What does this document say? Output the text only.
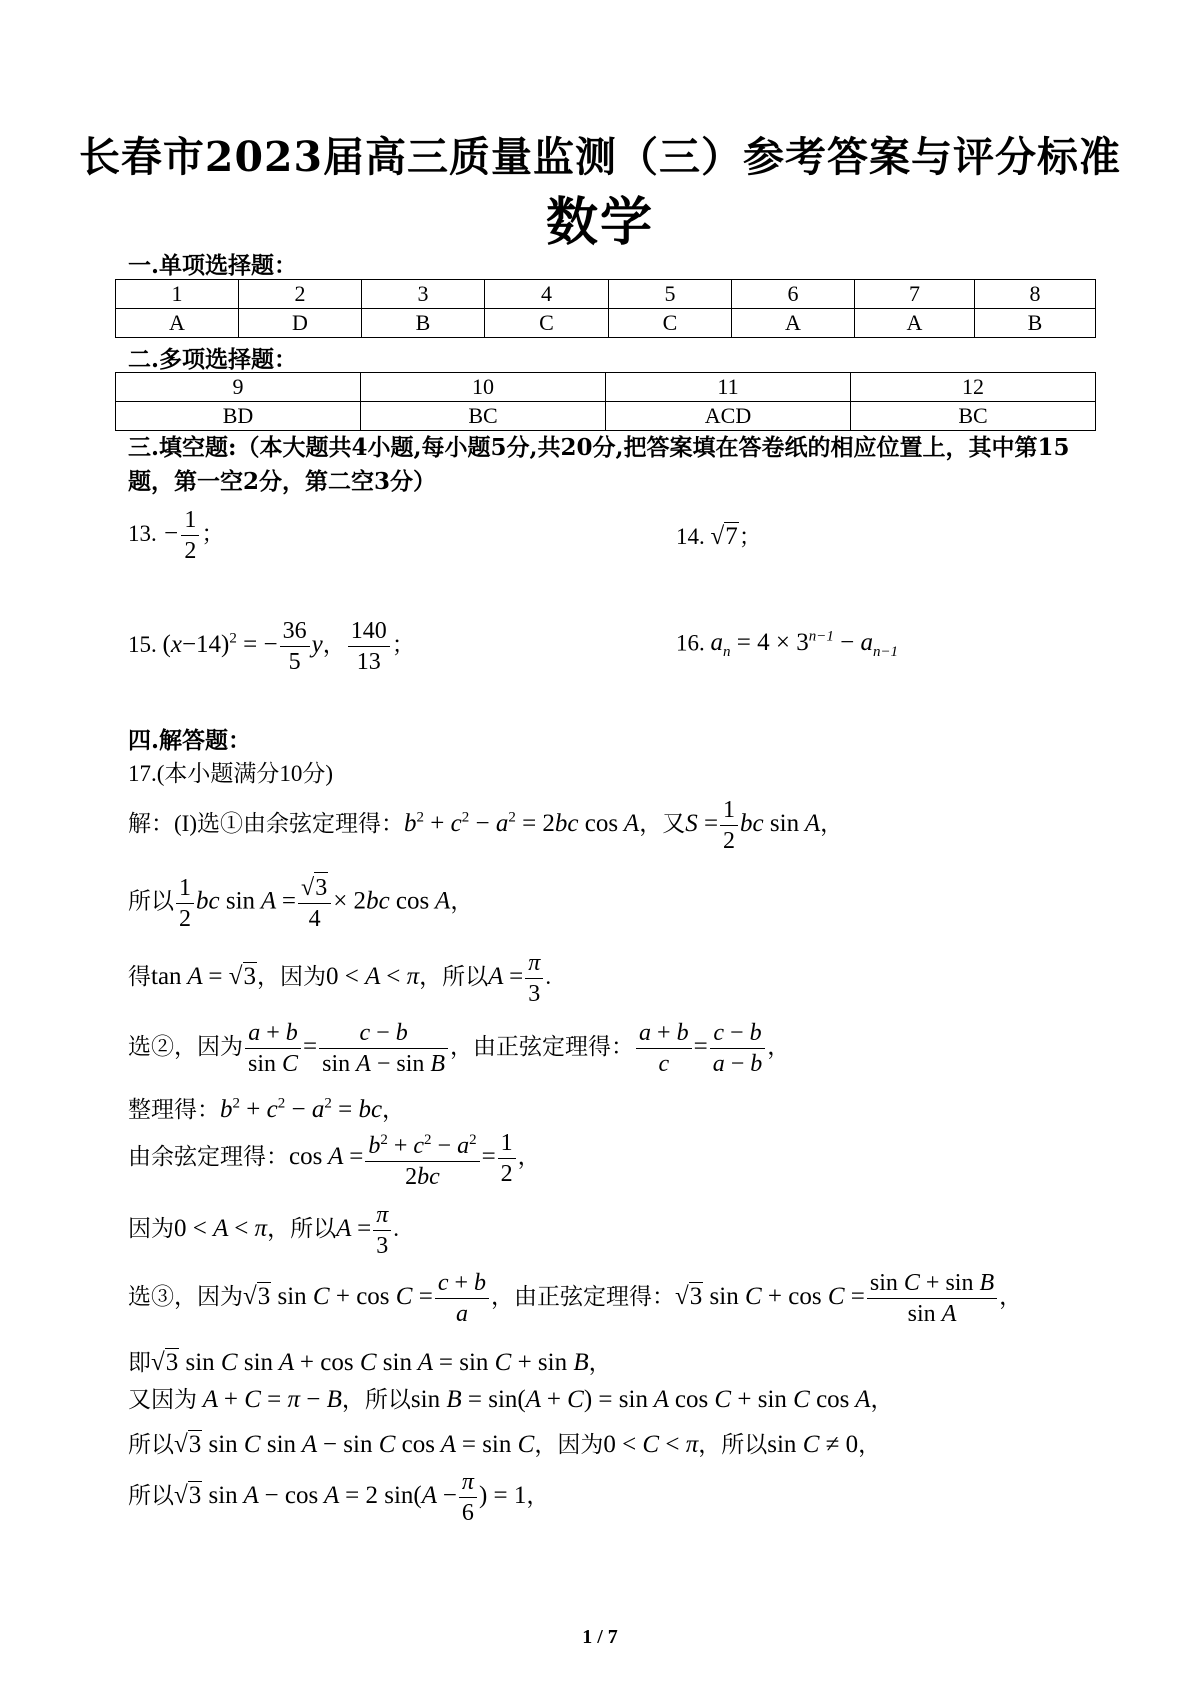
长春市2023届高三质量监测（三）参考答案与评分标准
数学
一.单项选择题：
1	2	3	4	5	6	7	8
A	D	B	C	C	A	A	B
二.多项选择题：
9	10	11	12
BD	BC	ACD	BC
三.填空题:（本大题共4小题,每小题5分,共20分,把答案填在答卷纸的相应位置上，其中第15题，第一空2分，第二空3分）
13. − $\frac{1}{2}$ ；	14. √7；
15. $(x-14)^2$ = − $\frac{36}{5}$ y， $\frac{140}{13}$ ；	16. $a_n = 4 \times 3^{n-1} - a_{n-1}$
四.解答题：
17.(本小题满分10分)
解：(I)选①由余弦定理得：$b^2 + c^2 - a^2 = 2bc$ cos A，又$S = \frac{1}{2}$ bc sin A，
所以 $\frac{1}{2}$ bc $\sin A = \frac{√3}{4} \times 2bc$ cos A，
得tan A = √3，因为0 < A < π，所以$A = \frac{\pi}{3}$ .
选②，因为 $\frac{a + b}{\text{sin C}} = \frac{c - b}{\text{sin A − sin B}}$ ，由正弦定理得： $\frac{a + b}{c} = \frac{c - b}{a - b}$ ，
整理得：$b^2 + c^2 - a^2$ = bc，
由余弦定理得：$\cos A = \frac{b^2 + c^2 - a^2}{2bc} = \frac{1}{2}$ ，
因为0 < A < π，所以$A = \frac{\pi}{3}$ .
选③，因为√3 $\sin C + \cos C = \frac{c + b}{a}$ ，由正弦定理得：√3 $\sin C + \cos C = \frac{\text{sin C + sin B}}{\text{sin A}}$ ，
即√3 sin C sin A + cos C sin A = sin C + sin B，
又因为 A + C = π − B，所以sin B = sin(A + C) = sin A cos C + sin C cos A，
所以√3 sin C sin A − sin C cos A = sin C，因为0 < C < π，所以sin C ≠ 0，
所以√3 sin A − cos A = 2 $\sin(A - \frac{\pi}{6}$ ) = 1，
1 / 7
